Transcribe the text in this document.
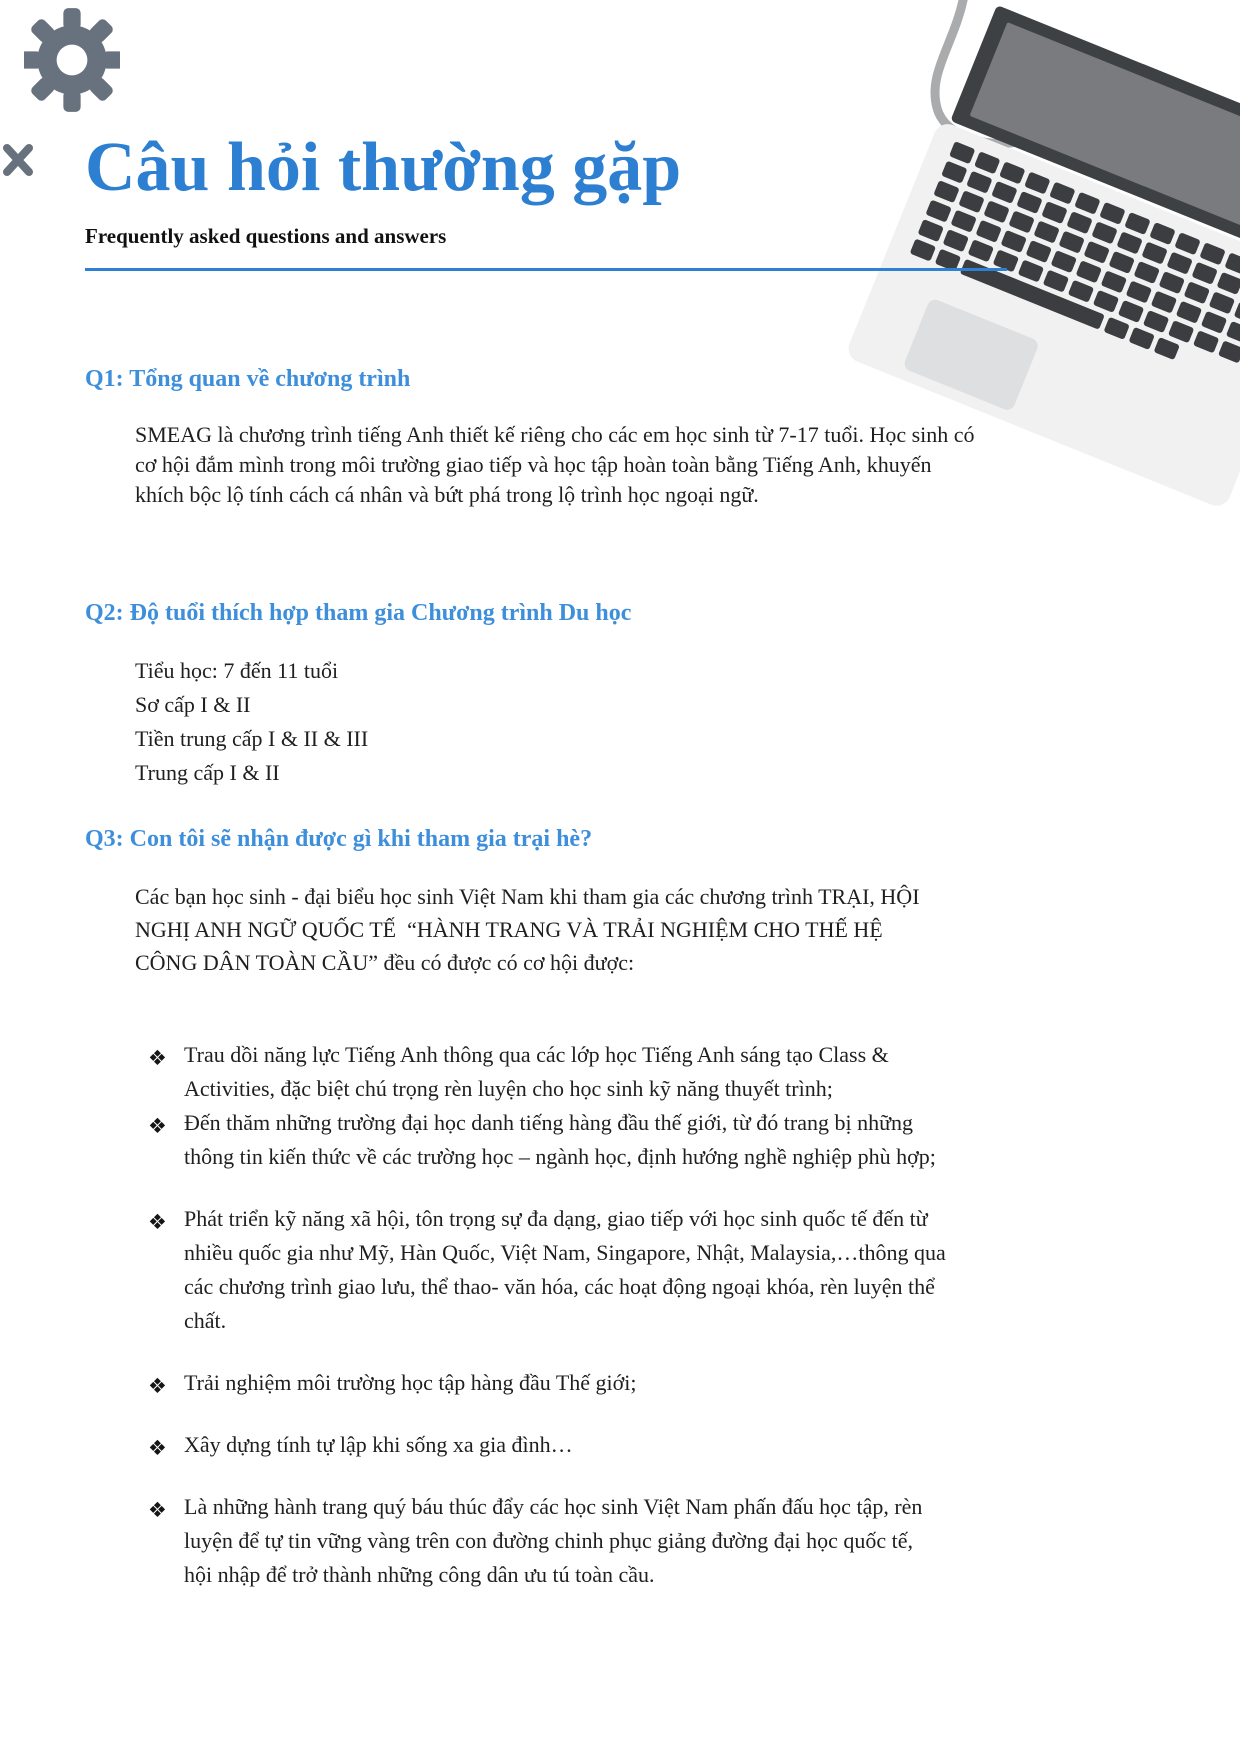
Câu hỏi thường gặp
Frequently asked questions and answers
Q1: Tổng quan về chương trình
SMEAG là chương trình tiếng Anh thiết kế riêng cho các em học sinh từ 7-17 tuổi. Học sinh có
cơ hội đắm mình trong môi trường giao tiếp và học tập hoàn toàn bằng Tiếng Anh, khuyến
khích bộc lộ tính cách cá nhân và bứt phá trong lộ trình học ngoại ngữ.
Q2: Độ tuổi thích hợp tham gia Chương trình Du học
Tiểu học: 7 đến 11 tuổi
Sơ cấp I & II
Tiền trung cấp I & II & III
Trung cấp I & II
Q3: Con tôi sẽ nhận được gì khi tham gia trại hè?
Các bạn học sinh - đại biểu học sinh Việt Nam khi tham gia các chương trình TRẠI, HỘI
NGHỊ ANH NGỮ QUỐC TẾ  “HÀNH TRANG VÀ TRẢI NGHIỆM CHO THẾ HỆ
CÔNG DÂN TOÀN CẦU” đều có được có cơ hội được:
❖ Trau dồi năng lực Tiếng Anh thông qua các lớp học Tiếng Anh sáng tạo Class &
Activities, đặc biệt chú trọng rèn luyện cho học sinh kỹ năng thuyết trình;
❖ Đến thăm những trường đại học danh tiếng hàng đầu thế giới, từ đó trang bị những
thông tin kiến thức về các trường học – ngành học, định hướng nghề nghiệp phù hợp;
❖ Phát triển kỹ năng xã hội, tôn trọng sự đa dạng, giao tiếp với học sinh quốc tế đến từ
nhiều quốc gia như Mỹ, Hàn Quốc, Việt Nam, Singapore, Nhật, Malaysia,…thông qua
các chương trình giao lưu, thể thao- văn hóa, các hoạt động ngoại khóa, rèn luyện thể
chất.
❖ Trải nghiệm môi trường học tập hàng đầu Thế giới;
❖ Xây dựng tính tự lập khi sống xa gia đình…
❖ Là những hành trang quý báu thúc đẩy các học sinh Việt Nam phấn đấu học tập, rèn
luyện để tự tin vững vàng trên con đường chinh phục giảng đường đại học quốc tế,
hội nhập để trở thành những công dân ưu tú toàn cầu.
